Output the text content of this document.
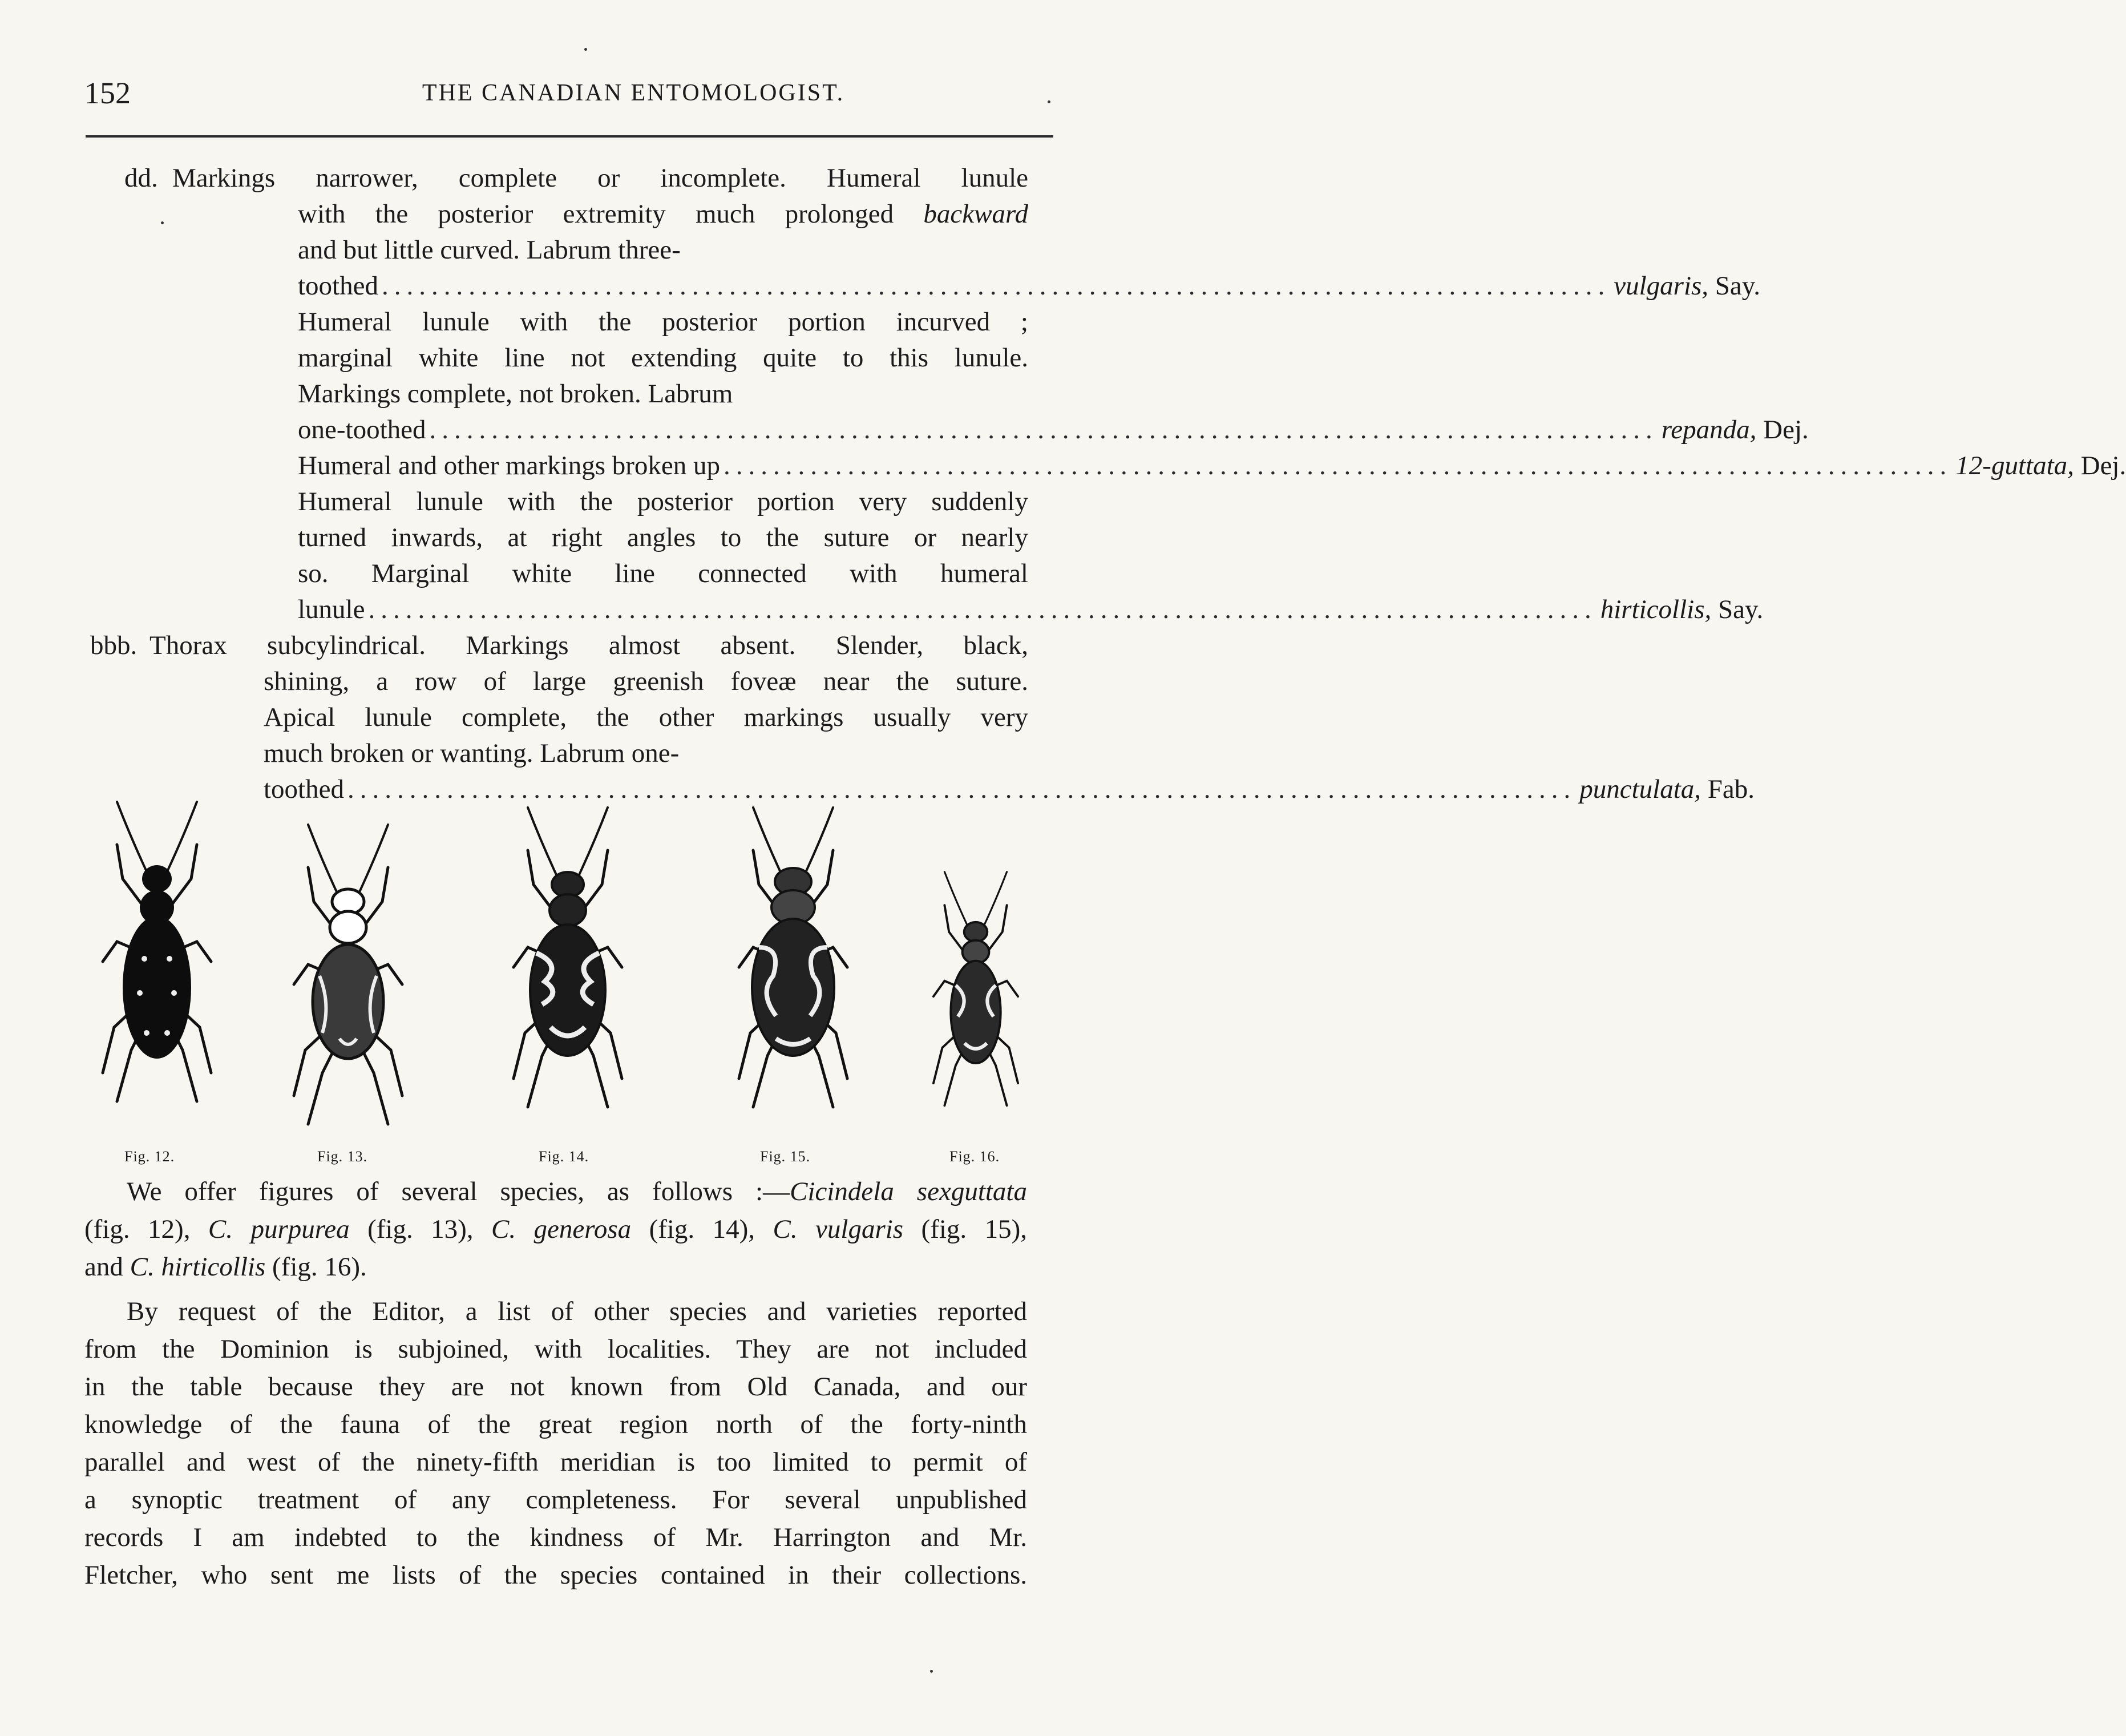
152	THE CANADIAN ENTOMOLOGIST.
dd. Markings narrower, complete or incomplete. Humeral lunule
with the posterior extremity much prolonged backward
and but little curved. Labrum three-
toothed ................................................................................................... vulgaris, Say.
Humeral lunule with the posterior portion incurved ;
marginal white line not extending quite to this lunule.
Markings complete, not broken. Labrum
one-toothed ................................................................................................... repanda, Dej.
Humeral and other markings broken up ................................................................................................... 12-guttata, Dej.
Humeral lunule with the posterior portion very suddenly
turned inwards, at right angles to the suture or nearly
so. Marginal white line connected with humeral
lunule ................................................................................................... hirticollis, Say.
bbb. Thorax subcylindrical. Markings almost absent. Slender, black,
shining, a row of large greenish foveæ near the suture.
Apical lunule complete, the other markings usually very
much broken or wanting. Labrum one-
toothed ................................................................................................... punctulata, Fab.
Fig. 12.	Fig. 13.	Fig. 14.	Fig. 15.	Fig. 16.
We offer figures of several species, as follows :—Cicindela sexguttata
(fig. 12), C. purpurea (fig. 13), C. generosa (fig. 14), C. vulgaris (fig. 15),
and C. hirticollis (fig. 16).
By request of the Editor, a list of other species and varieties reported
from the Dominion is subjoined, with localities. They are not included
in the table because they are not known from Old Canada, and our
knowledge of the fauna of the great region north of the forty-ninth
parallel and west of the ninety-fifth meridian is too limited to permit of
a synoptic treatment of any completeness. For several unpublished
records I am indebted to the kindness of Mr. Harrington and Mr.
Fletcher, who sent me lists of the species contained in their collections.
